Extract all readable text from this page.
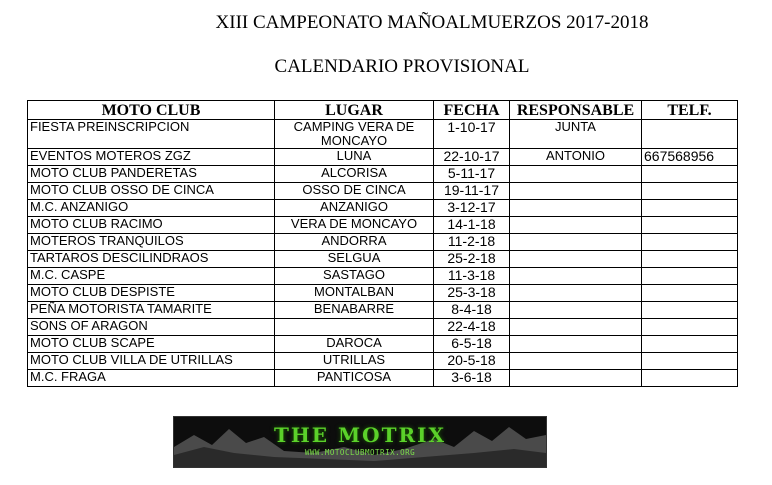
XIII CAMPEONATO MAÑOALMUERZOS 2017-2018
CALENDARIO PROVISIONAL
MOTO CLUB	LUGAR	FECHA	RESPONSABLE	TELF.
FIESTA PREINSCRIPCION	CAMPING VERA DE MONCAYO	1-10-17	JUNTA	
EVENTOS MOTEROS ZGZ	LUNA	22-10-17	ANTONIO	667568956
MOTO CLUB PANDERETAS	ALCORISA	5-11-17		
MOTO CLUB OSSO DE CINCA	OSSO DE CINCA	19-11-17		
M.C. ANZANIGO	ANZANIGO	3-12-17		
MOTO CLUB RACIMO	VERA DE MONCAYO	14-1-18		
MOTEROS TRANQUILOS	ANDORRA	11-2-18		
TARTAROS DESCILINDRAOS	SELGUA	25-2-18		
M.C. CASPE	SASTAGO	11-3-18		
MOTO CLUB DESPISTE	MONTALBAN	25-3-18		
PEÑA MOTORISTA TAMARITE	BENABARRE	8-4-18		
SONS OF ARAGON		22-4-18		
MOTO CLUB SCAPE	DAROCA	6-5-18		
MOTO CLUB VILLA DE UTRILLAS	UTRILLAS	20-5-18		
M.C. FRAGA	PANTICOSA	3-6-18		
THE MOTRIX
WWW.MOTOCLUBMOTRIX.ORG
